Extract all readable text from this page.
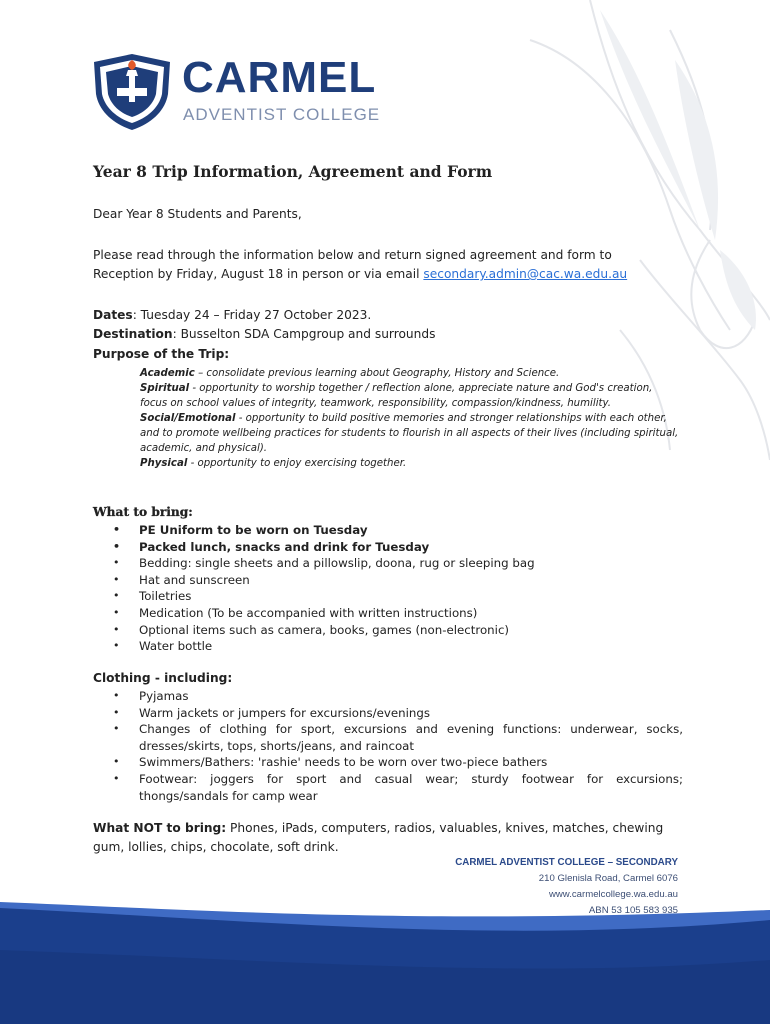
CARMEL
ADVENTIST COLLEGE
Year 8 Trip Information, Agreement and Form
Dear Year 8 Students and Parents,
Please read through the information below and return signed agreement and form to
Reception by Friday, August 18 in person or via email secondary.admin@cac.wa.edu.au
Dates: Tuesday 24 – Friday 27 October 2023.
Destination: Busselton SDA Campgroup and surrounds
Purpose of the Trip:

Academic – consolidate previous learning about Geography, History and Science.

Spiritual - opportunity to worship together / reflection alone, appreciate nature and God's creation, focus on school values of integrity, teamwork, responsibility, compassion/kindness, humility.

Social/Emotional - opportunity to build positive memories and stronger relationships with each other, and to promote wellbeing practices for students to flourish in all aspects of their lives (including spiritual, academic, and physical).

Physical - opportunity to enjoy exercising together.

What to bring:
• PE Uniform to be worn on Tuesday
• Packed lunch, snacks and drink for Tuesday
• Bedding: single sheets and a pillowslip, doona, rug or sleeping bag
• Hat and sunscreen
• Toiletries
• Medication (To be accompanied with written instructions)
• Optional items such as camera, books, games (non-electronic)
• Water bottle
Clothing - including:
• Pyjamas
• Warm jackets or jumpers for excursions/evenings
• Changes of clothing for sport, excursions and evening functions: underwear, socks, dresses/skirts, tops, shorts/jeans, and raincoat
• Swimmers/Bathers: 'rashie' needs to be worn over two-piece bathers
• Footwear: joggers for sport and casual wear; sturdy footwear for excursions; thongs/sandals for camp wear
What NOT to bring: Phones, iPads, computers, radios, valuables, knives, matches, chewing gum, lollies, chips, chocolate, soft drink.
CARMEL ADVENTIST COLLEGE – SECONDARY
210 Glenisla Road, Carmel 6076
www.carmelcollege.wa.edu.au
ABN 53 105 583 935
